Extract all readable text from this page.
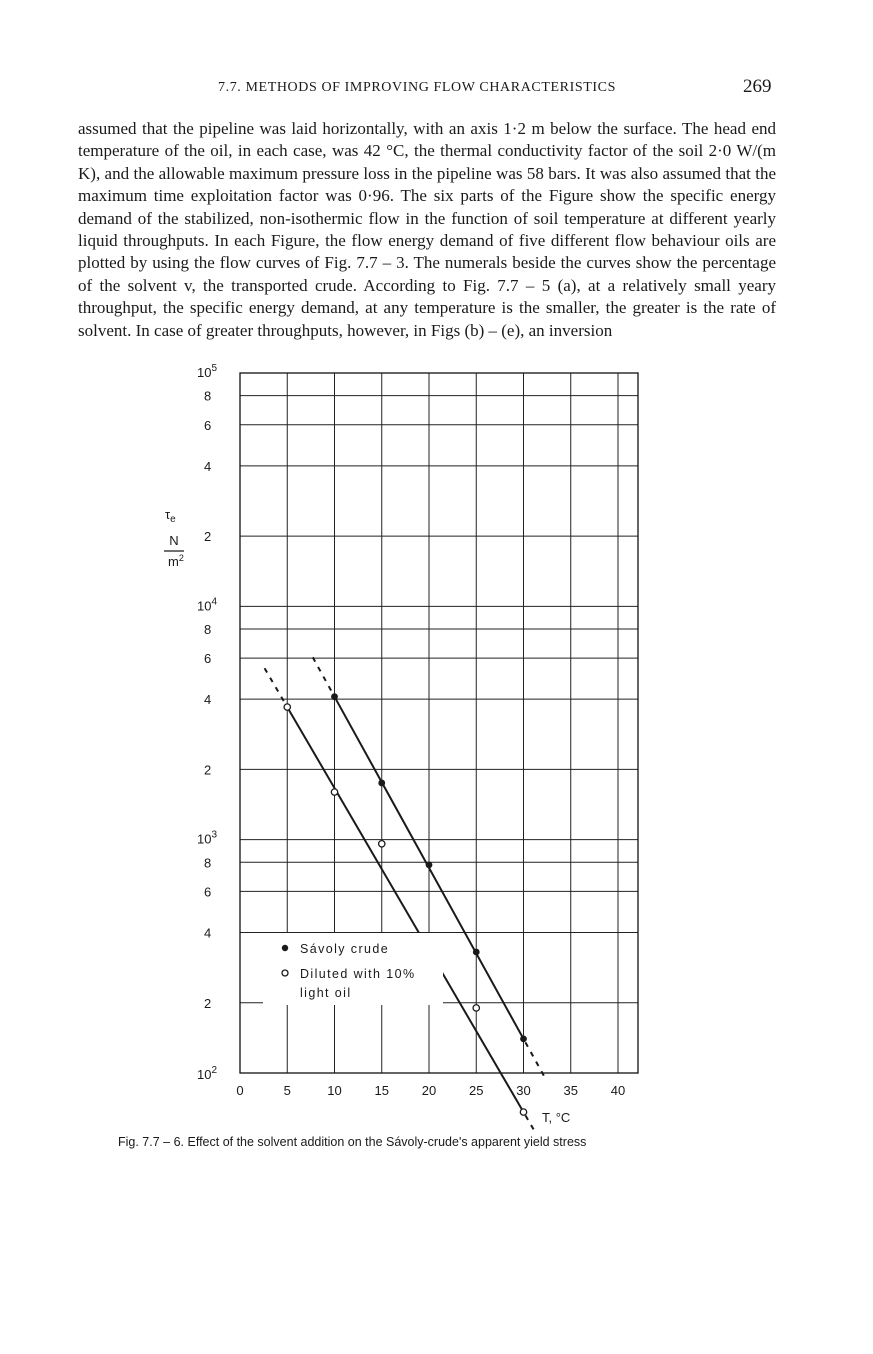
7.7. METHODS OF IMPROVING FLOW CHARACTERISTICS	269

assumed that the pipeline was laid horizontally, with an axis 1·2 m below the surface. The head end temperature of the oil, in each case, was 42 °C, the thermal conductivity factor of the soil 2·0 W/(m K), and the allowable maximum pressure loss in the pipeline was 58 bars. It was also assumed that the maximum time exploitation factor was 0·96. The six parts of the Figure show the specific energy demand of the stabilized, non-isothermic flow in the function of soil temperature at different yearly liquid throughputs. In each Figure, the flow energy demand of five different flow behaviour oils are plotted by using the flow curves of Fig. 7.7 – 3. The numerals beside the curves show the percentage of the solvent v, the transported crude. According to Fig. 7.7 – 5 (a), at a relatively small yeary throughput, the specific energy demand, at any temperature is the smaller, the greater is the rate of solvent. In case of greater throughputs, however, in Figs (b) – (e), an inversion

0	5	10	15	20	25	30	35	40
T, °C
$10^5$
$10^4$
$10^3$
$10^2$
8
6
4
2
8
6
4
2
8
6
4
2
$\tau_e$
N
$m^2$
Sávoly crude
Diluted with 10%
light oil

Fig. 7.7 – 6. Effect of the solvent addition on the Sávoly-crude's apparent yield stress
